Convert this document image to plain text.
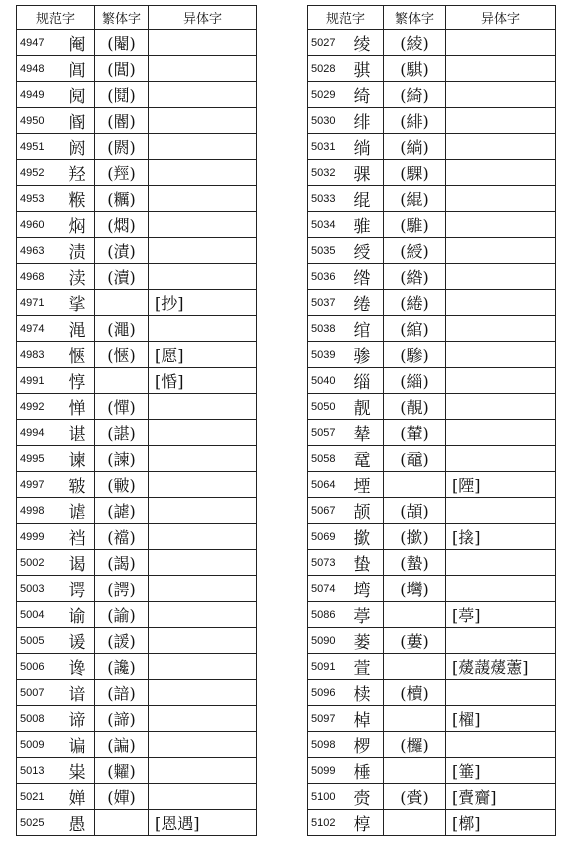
规范字		繁体字	异体字
4947	阉	(閹)	
4948	阊	(閶)	
4949	阋	(鬩)	
4950	阍	(閽)	
4951	阏	(閼)	
4952	羟	(羥)	
4953	糇	(糲)	
4960	焖	(燜)	
4963	渍	(漬)	
4968	渎	(瀆)	
4971	挲		[抄]
4974	渑	(澠)	
4983	愜	(愜)	[愿]
4991	惇		[惛]
4992	惮	(憚)	
4994	谌	(諶)	
4995	谏	(諫)	
4997	皲	(皸)	
4998	谑	(謔)	
4999	裆	(襠)	
5002	谒	(謁)	
5003	谔	(諤)	
5004	谕	(諭)	
5005	谖	(諼)	
5006	谗	(讒)	
5007	谙	(諳)	
5008	谛	(諦)	
5009	谝	(諞)	
5013	粜	(糶)	
5021	婵	(嬋)	
5025	愚		[恩遇]
规范字		繁体字	异体字
5027	绫	(綾)	
5028	骐	(騏)	
5029	绮	(綺)	
5030	绯	(緋)	
5031	绱	(緔)	
5032	骒	(騍)	
5033	绲	(緄)	
5034	骓	(騅)	
5035	绶	(綬)	
5036	绺	(綹)	
5037	绻	(綣)	
5038	绾	(綰)	
5039	骖	(驂)	
5040	缁	(緇)	
5050	靓	(靚)	
5057	辇	(輦)	
5058	鼋	(黿)	
5064	堙		[陻]
5067	颉	(頡)	
5069	撳	(撳)	[搇]
5073	蛰	(蟄)	
5074	塆	(壪)	
5086	葶		[葶]
5090	蒌	(蔞)	
5091	萱		[蕿蘐蕿藼]
5096	椟	(櫝)	
5097	棹		[櫂]
5098	椤	(欏)	
5099	棰		[箠]
5100	赍	(賫)	[賷齎]
5102	椁		[槨]
